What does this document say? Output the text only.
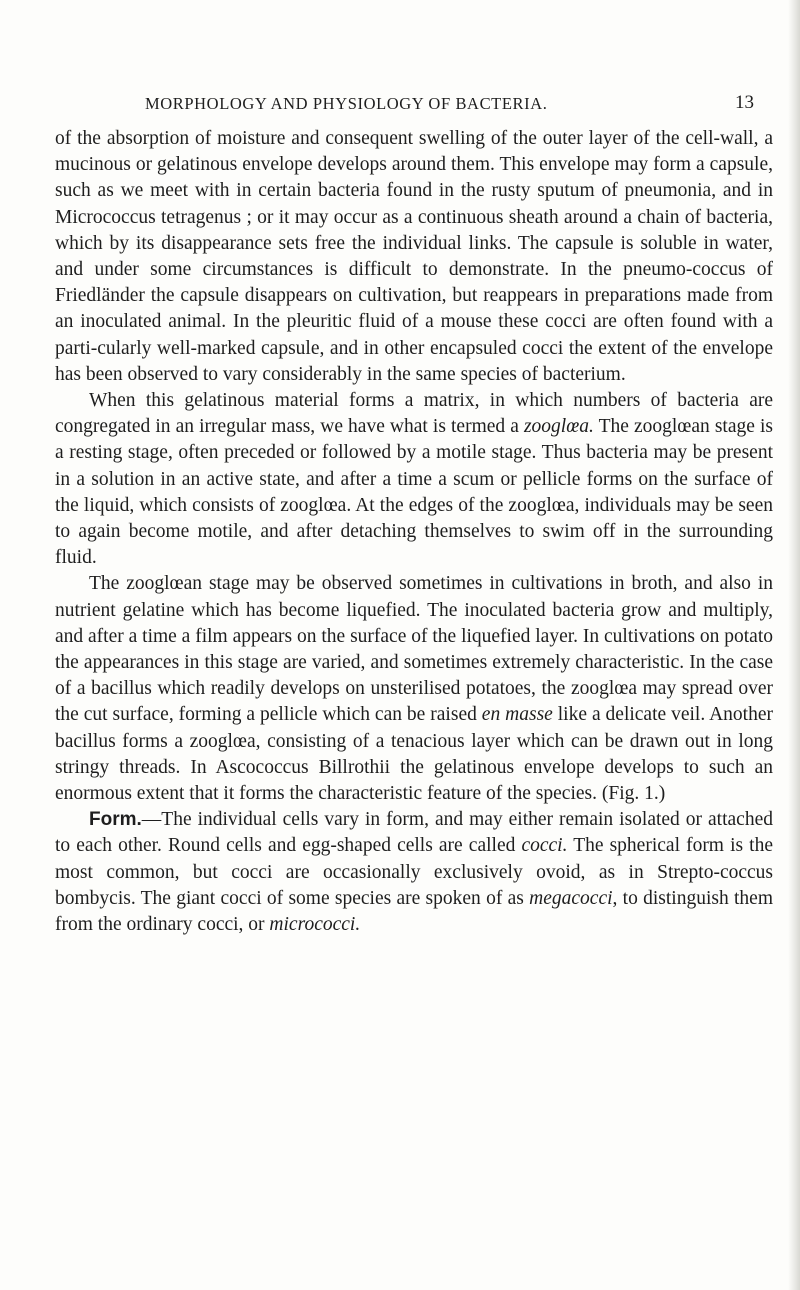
MORPHOLOGY AND PHYSIOLOGY OF BACTERIA.	13

of the absorption of moisture and consequent swelling of the outer layer of the cell-wall, a mucinous or gelatinous envelope develops around them. This envelope may form a capsule, such as we meet with in certain bacteria found in the rusty sputum of pneumonia, and in Micrococcus tetragenus ; or it may occur as a continuous sheath around a chain of bacteria, which by its disappearance sets free the individual links. The capsule is soluble in water, and under some circumstances is difficult to demonstrate. In the pneumo-coccus of Friedländer the capsule disappears on cultivation, but reappears in preparations made from an inoculated animal. In the pleuritic fluid of a mouse these cocci are often found with a parti-cularly well-marked capsule, and in other encapsuled cocci the extent of the envelope has been observed to vary considerably in the same species of bacterium.

When this gelatinous material forms a matrix, in which numbers of bacteria are congregated in an irregular mass, we have what is termed a zooglœa. The zooglœan stage is a resting stage, often preceded or followed by a motile stage. Thus bacteria may be present in a solution in an active state, and after a time a scum or pellicle forms on the surface of the liquid, which consists of zooglœa. At the edges of the zooglœa, individuals may be seen to again become motile, and after detaching themselves to swim off in the surrounding fluid.

The zooglœan stage may be observed sometimes in cultivations in broth, and also in nutrient gelatine which has become liquefied. The inoculated bacteria grow and multiply, and after a time a film appears on the surface of the liquefied layer. In cultivations on potato the appearances in this stage are varied, and sometimes extremely characteristic. In the case of a bacillus which readily develops on unsterilised potatoes, the zooglœa may spread over the cut surface, forming a pellicle which can be raised en masse like a delicate veil. Another bacillus forms a zooglœa, consisting of a tenacious layer which can be drawn out in long stringy threads. In Ascococcus Billrothii the gelatinous envelope develops to such an enormous extent that it forms the characteristic feature of the species. (Fig. 1.)

Form.—The individual cells vary in form, and may either remain isolated or attached to each other. Round cells and egg-shaped cells are called cocci. The spherical form is the most common, but cocci are occasionally exclusively ovoid, as in Strepto-coccus bombycis. The giant cocci of some species are spoken of as megacocci, to distinguish them from the ordinary cocci, or micrococci.
